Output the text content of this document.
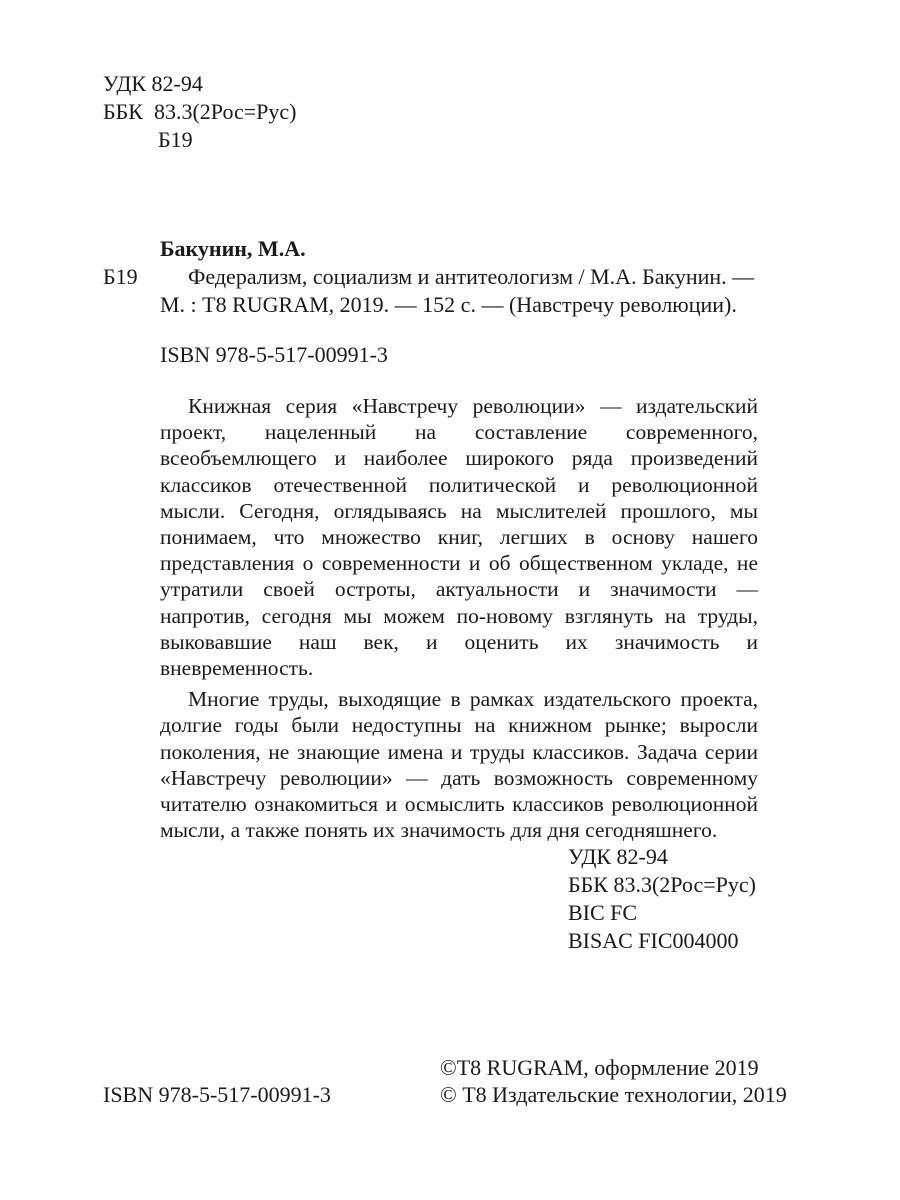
УДК 82-94
ББК  83.3(2Рос=Рус)
Б19
Бакунин, М.А.
Б19 Федерализм, социализм и антитеологизм / М.А. Бакунин. —
М. : Т8 RUGRAM, 2019. — 152 с. — (Навстречу революции).
ISBN 978-5-517-00991-3

Книжная серия «Навстречу революции» — издательский проект, нацеленный на составление современного, всеобъемлющего и наиболее широкого ряда произведений классиков отечественной политической и революционной мысли. Сегодня, оглядываясь на мыслителей прошлого, мы понимаем, что множество книг, легших в основу нашего представления о современности и об общественном укладе, не утратили своей остроты, актуальности и значимости — напротив, сегодня мы можем по-новому взглянуть на труды, выковавшие наш век, и оценить их значимость и вневременность.

Многие труды, выходящие в рамках издательского проекта, долгие годы были недоступны на книжном рынке; выросли поколения, не знающие имена и труды классиков. Задача серии «Навстречу революции» — дать возможность современному читателю ознакомиться и осмыслить классиков революционной мысли, а также понять их значимость для дня сегодняшнего.

УДК 82-94
ББК 83.3(2Рос=Рус)
BIC FC
BISAC FIC004000
ISBN 978-5-517-00991-3
©Т8 RUGRAM, оформление 2019
© Т8 Издательские технологии, 2019
